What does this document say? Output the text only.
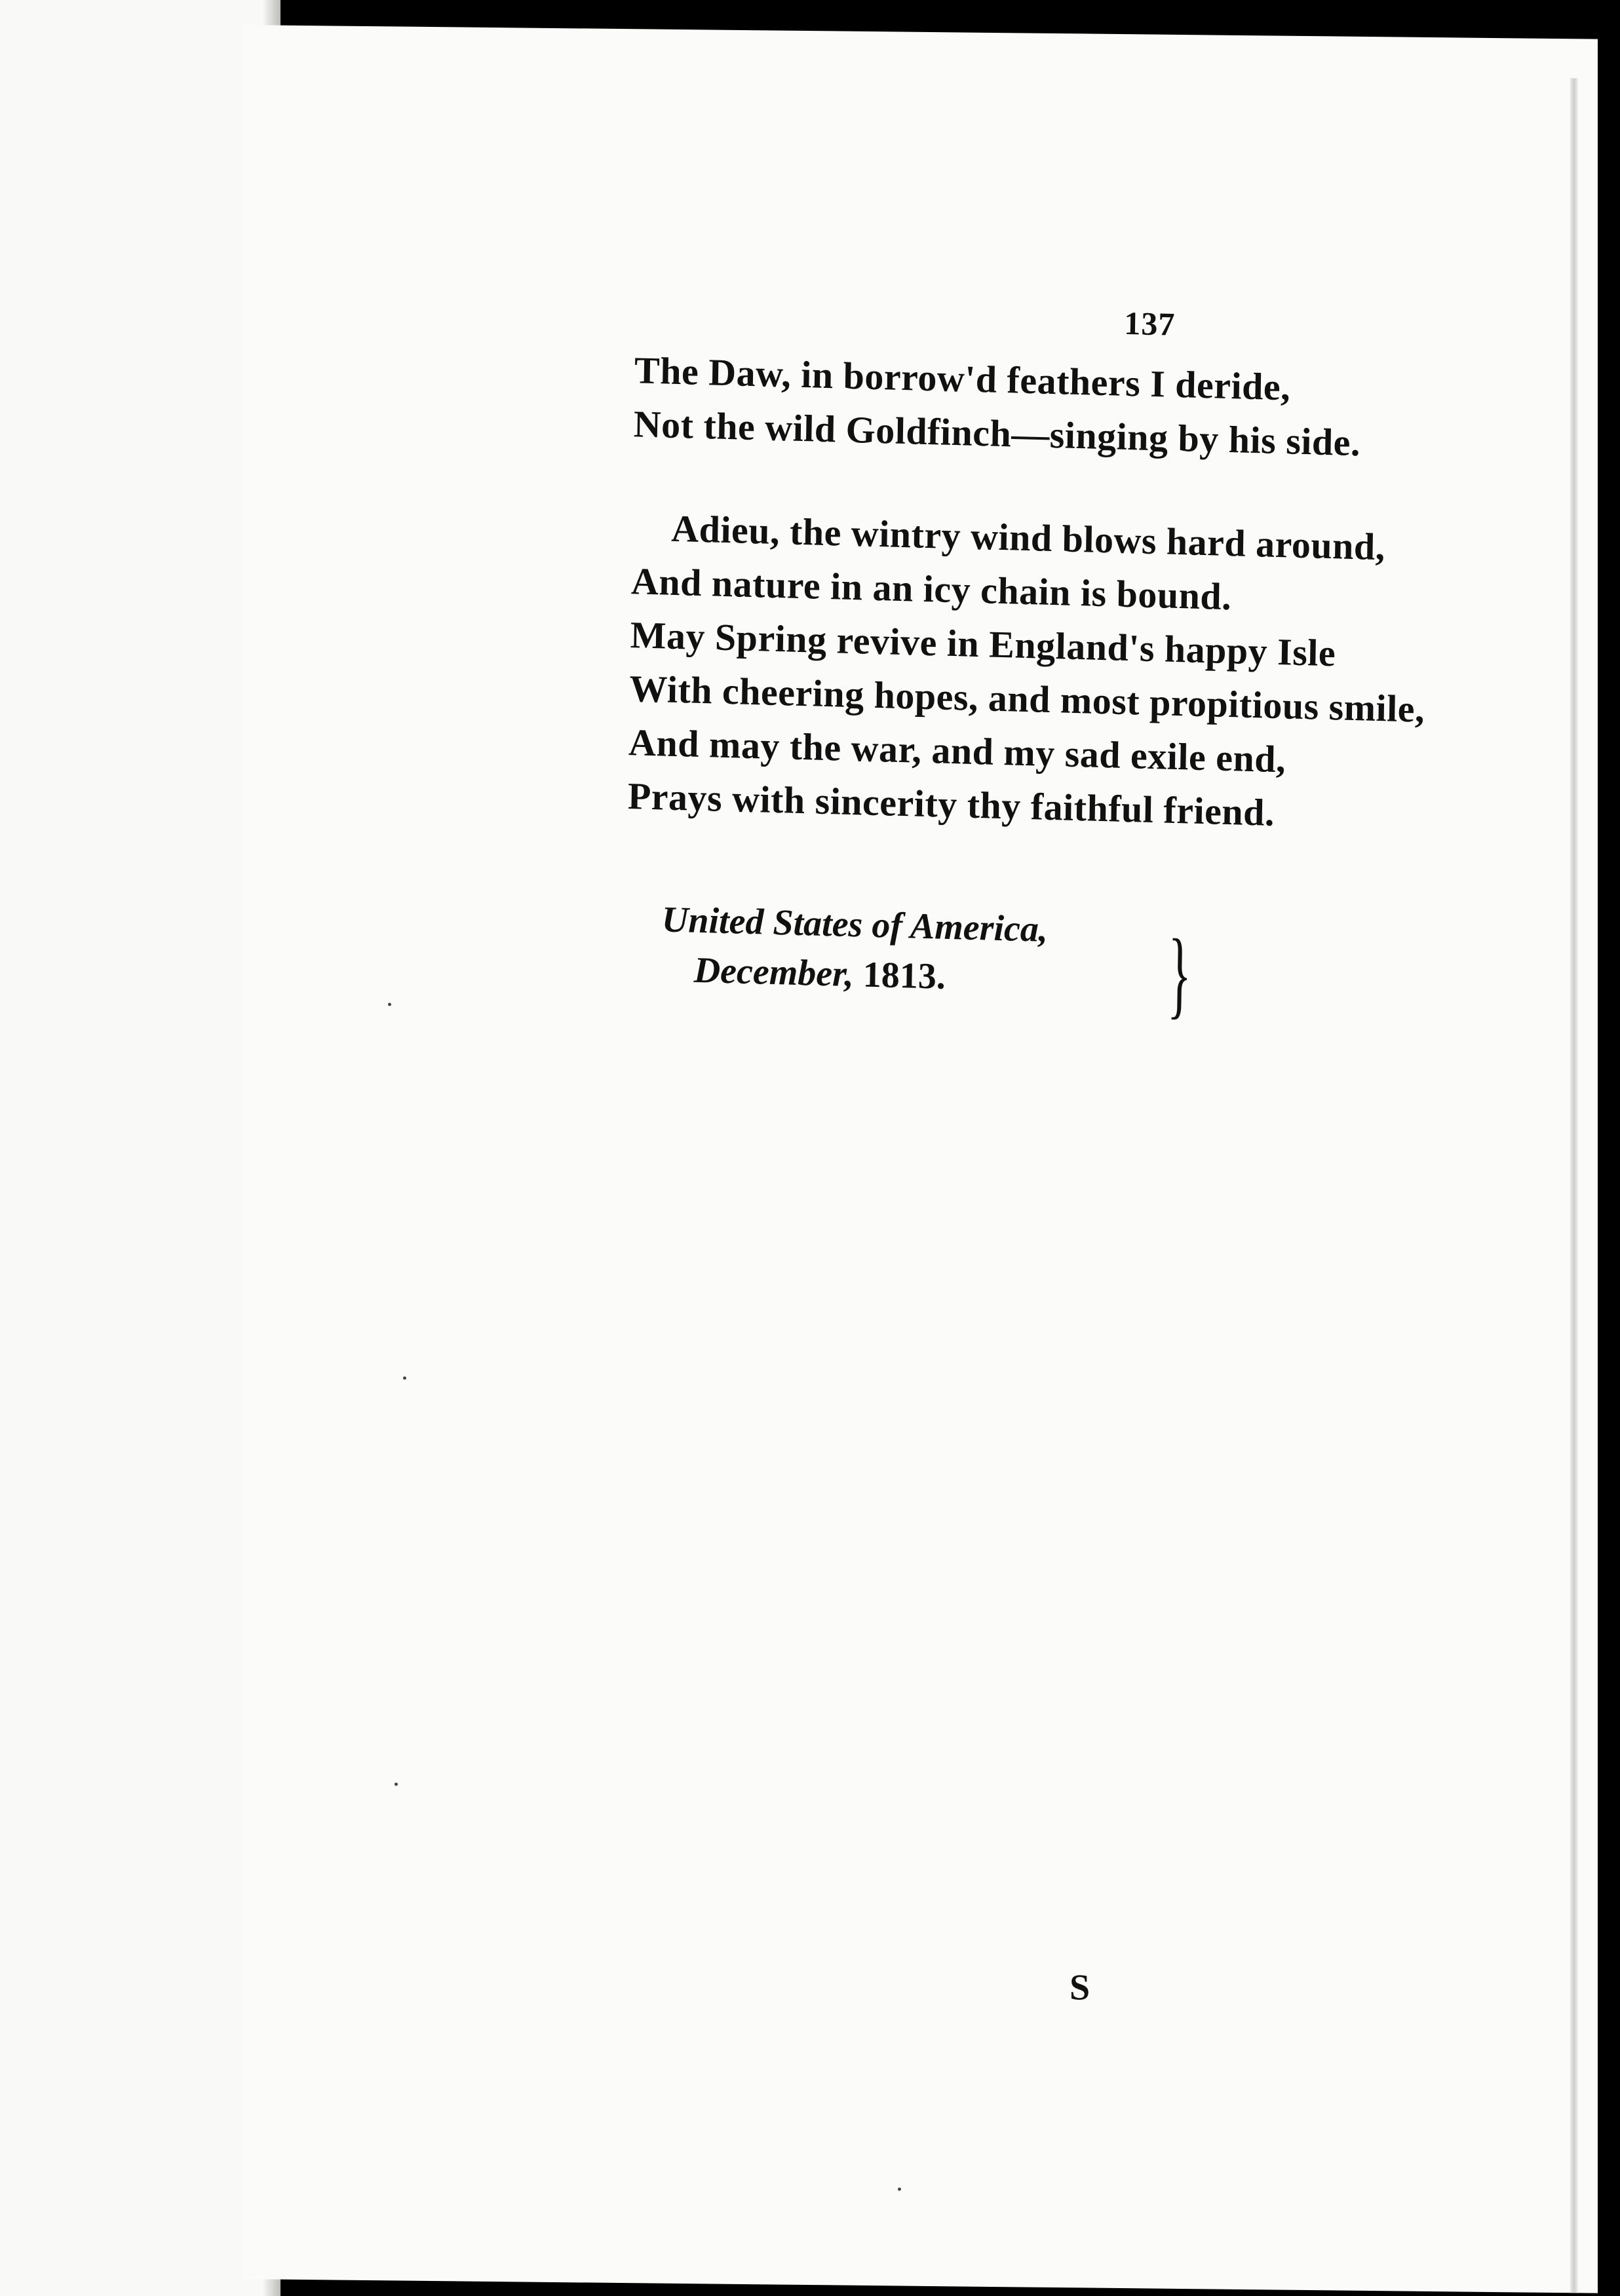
137
The Daw, in borrow'd feathers I deride,
Not the wild Goldfinch—singing by his side.
Adieu, the wintry wind blows hard around,
And nature in an icy chain is bound.
May Spring revive in England's happy Isle
With cheering hopes, and most propitious smile,
And may the war, and my sad exile end,
Prays with sincerity thy faithful friend.
United States of America,
December, 1813.	}
S
